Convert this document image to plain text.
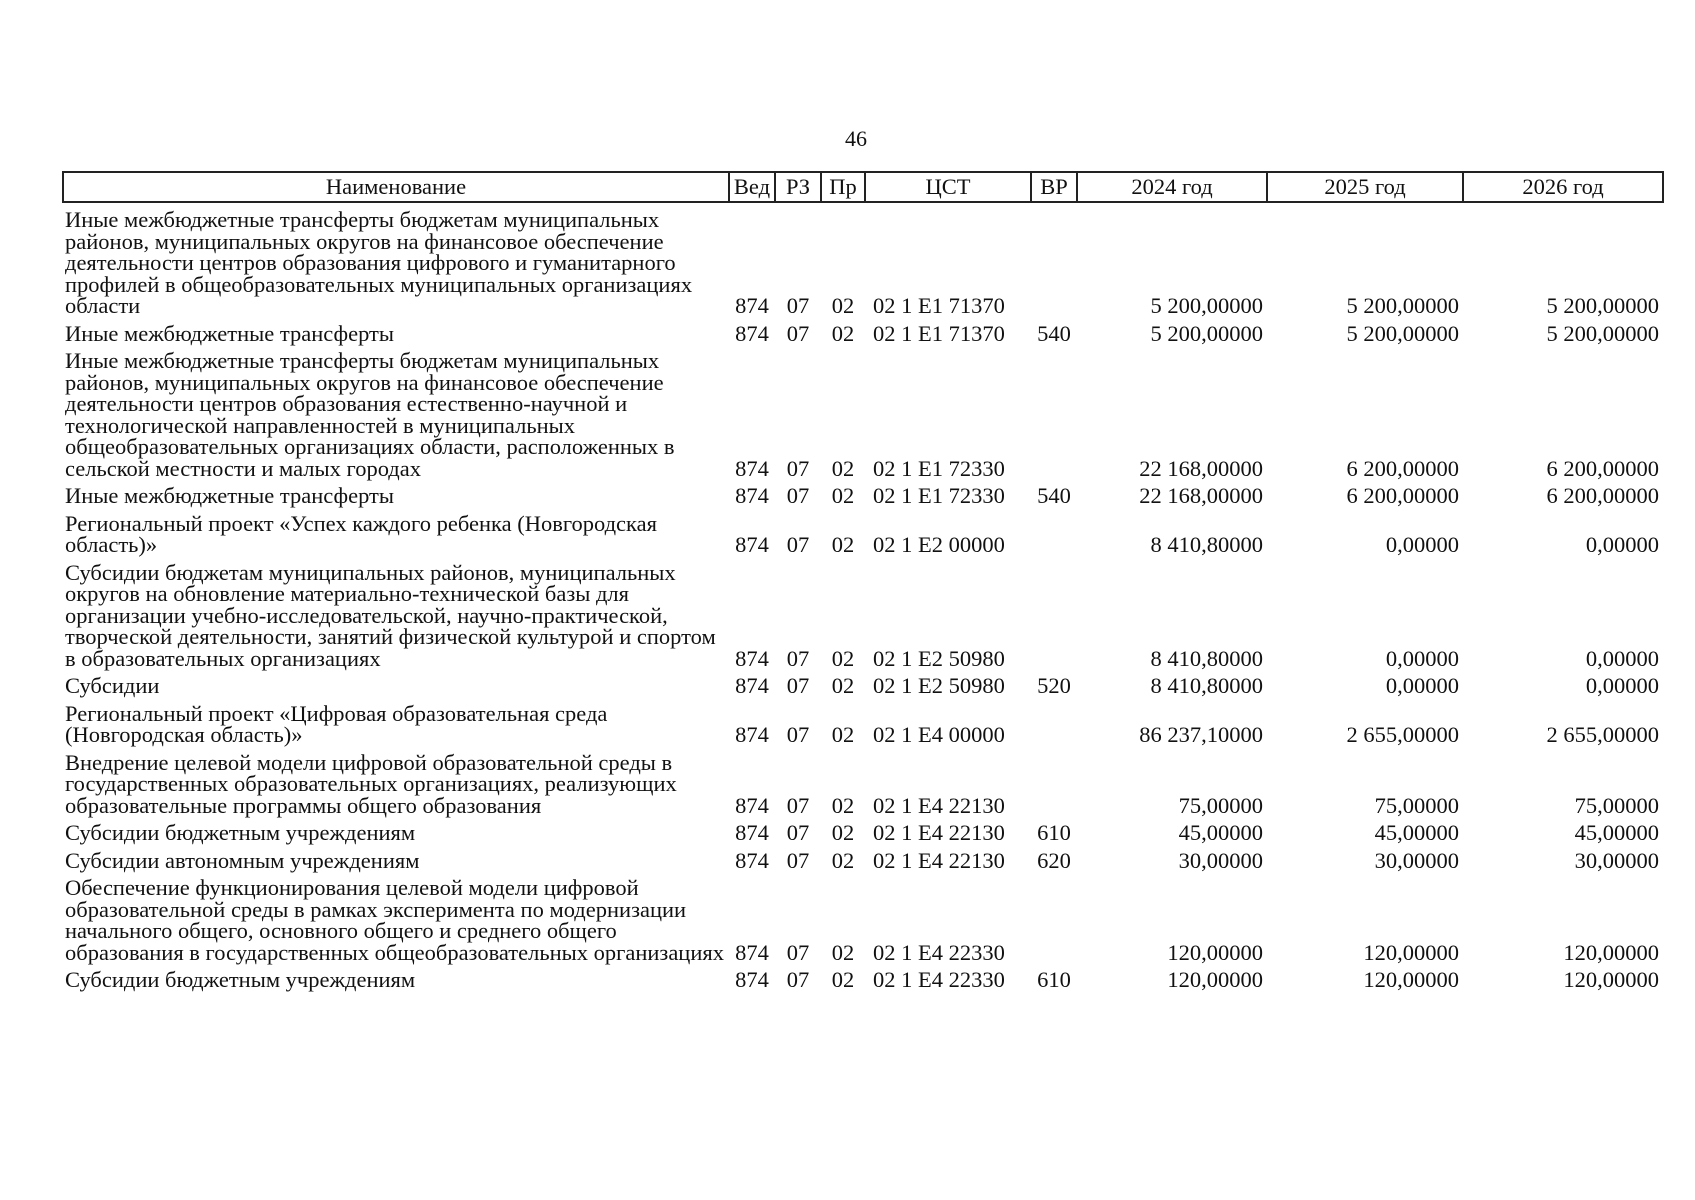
46
Наименование	Вед	РЗ	Пр	ЦСТ	ВР	2024 год	2025 год	2026 год
Иные межбюджетные трансферты бюджетам муниципальных районов, муниципальных округов на финансовое обеспечение деятельности центров образования цифрового и гуманитарного профилей в общеобразовательных муниципальных организациях области	874	07	02	02 1 E1 71370		5 200,00000	5 200,00000	5 200,00000
Иные межбюджетные трансферты	874	07	02	02 1 E1 71370	540	5 200,00000	5 200,00000	5 200,00000
Иные межбюджетные трансферты бюджетам муниципальных районов, муниципальных округов на финансовое обеспечение деятельности центров образования естественно-научной и технологической направленностей в муниципальных общеобразовательных организациях области, расположенных в сельской местности и малых городах	874	07	02	02 1 E1 72330		22 168,00000	6 200,00000	6 200,00000
Иные межбюджетные трансферты	874	07	02	02 1 E1 72330	540	22 168,00000	6 200,00000	6 200,00000
Региональный проект «Успех каждого ребенка (Новгородская область)»	874	07	02	02 1 E2 00000		8 410,80000	0,00000	0,00000
Субсидии бюджетам муниципальных районов, муниципальных округов на обновление материально-технической базы для организации учебно-исследовательской, научно-практической, творческой деятельности, занятий физической культурой и спортом в образовательных организациях	874	07	02	02 1 E2 50980		8 410,80000	0,00000	0,00000
Субсидии	874	07	02	02 1 E2 50980	520	8 410,80000	0,00000	0,00000
Региональный проект «Цифровая образовательная среда (Новгородская область)»	874	07	02	02 1 E4 00000		86 237,10000	2 655,00000	2 655,00000
Внедрение целевой модели цифровой образовательной среды в государственных образовательных организациях, реализующих образовательные программы общего образования	874	07	02	02 1 E4 22130		75,00000	75,00000	75,00000
Субсидии бюджетным учреждениям	874	07	02	02 1 E4 22130	610	45,00000	45,00000	45,00000
Субсидии автономным учреждениям	874	07	02	02 1 E4 22130	620	30,00000	30,00000	30,00000
Обеспечение функционирования целевой модели цифровой образовательной среды в рамках эксперимента по модернизации начального общего, основного общего и среднего общего образования в государственных общеобразовательных организациях	874	07	02	02 1 E4 22330		120,00000	120,00000	120,00000
Субсидии бюджетным учреждениям	874	07	02	02 1 E4 22330	610	120,00000	120,00000	120,00000
